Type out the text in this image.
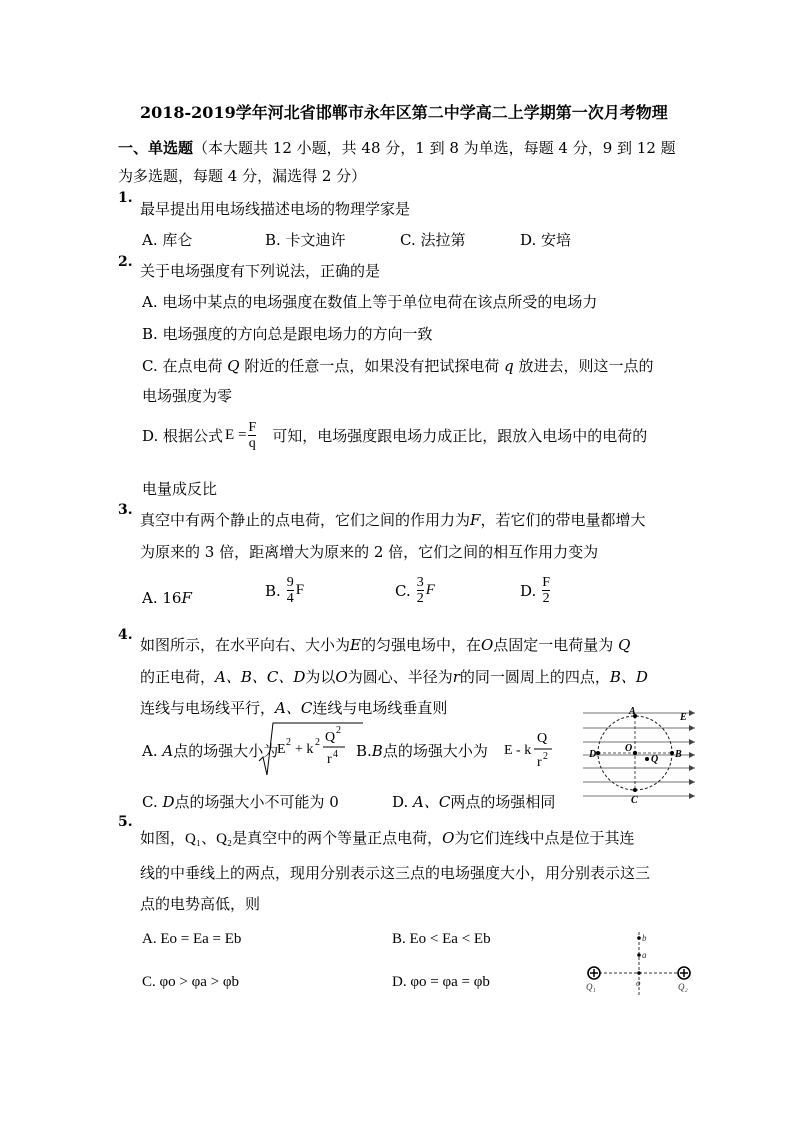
2018-2019学年河北省邯郸市永年区第二中学高二上学期第一次月考物理
一、单选题（本大题共 12 小题，共 48 分，1 到 8 为单选，每题 4 分，9 到 12 题
为多选题，每题 4 分，漏选得 2 分）
1.
最早提出用电场线描述电场的物理学家是
A. 库仑	B. 卡文迪许	C. 法拉第	D. 安培
2. 关于电场强度有下列说法，正确的是
A. 电场中某点的电场强度在数值上等于单位电荷在该点所受的电场力
B. 电场强度的方向总是跟电场力的方向一致
C. 在点电荷 Q 附近的任意一点，如果没有把试探电荷 q 放进去，则这一点的
电场强度为零
D. 根据公式 $E = \frac{F}{q}$ 可知，电场强度跟电场力成正比，跟放入电场中的电荷的
电量成反比
3.
真空中有两个静止的点电荷，它们之间的作用力为F，若它们的带电量都增大
为原来的 3 倍，距离增大为原来的 2 倍，它们之间的相互作用力变为
A. 16F	B. $\frac{9}{4}$ F	C. $\frac{3}{2}$ F	D. $\frac{F}{2}$
4.
如图所示，在水平向右、大小为E的匀强电场中，在O点固定一电荷量为 Q
的正电荷，A、B、C、D为以O为圆心、半径为r的同一圆周上的四点，B、D
连线与电场线平行，A、C连线与电场线垂直则
A. A点的场强大小为
E 2 + k 2 Q 2
r 4 B.B点的场强大小为 E - k
Q
r 2
C. D点的场强大小不可能为 0	D. A、C两点的场强相同
A
C
D	B
O
Q
E
5.
如图，Q₁、Q₂是真空中的两个等量正点电荷，O为它们连线中点是位于其连
线的中垂线上的两点，现用分别表示这三点的电场强度大小，用分别表示这三
点的电势高低，则
A. Eo = Ea = Eb	B. Eo < Ea < Eb
C. φo > φa > φb	D. φo = φa = φb
b
a
o
Q₁	Q₂
